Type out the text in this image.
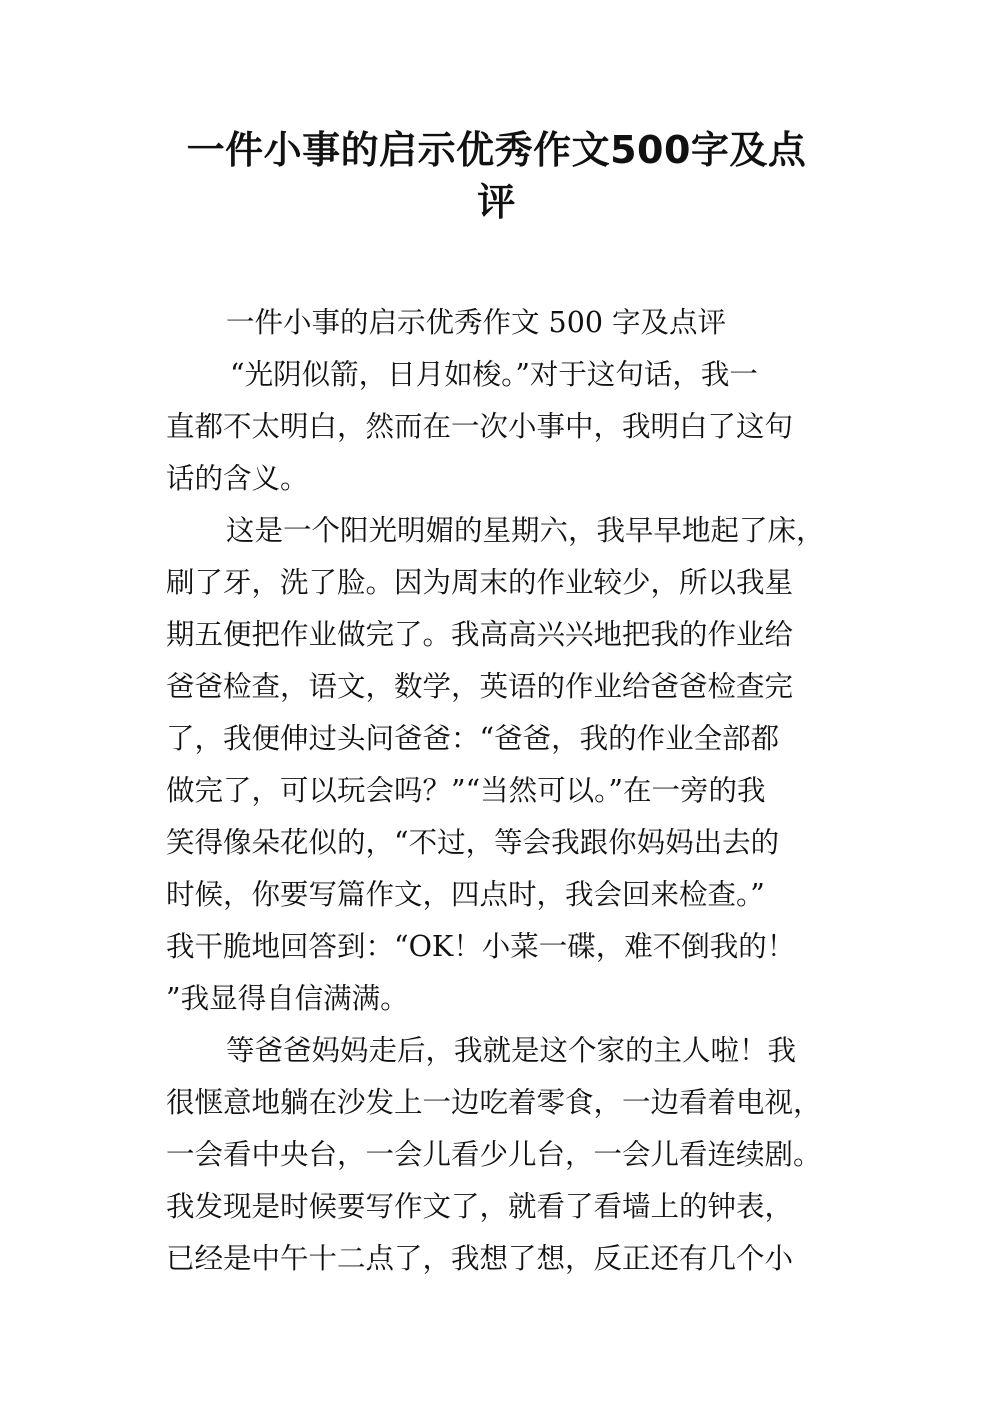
一件小事的启示优秀作文500字及点
评
一件小事的启示优秀作文 500 字及点评
“光阴似箭，日月如梭。”对于这句话，我一
直都不太明白，然而在一次小事中，我明白了这句
话的含义。
这是一个阳光明媚的星期六，我早早地起了床，
刷了牙，洗了脸。因为周末的作业较少，所以我星
期五便把作业做完了。我高高兴兴地把我的作业给
爸爸检查，语文，数学，英语的作业给爸爸检查完
了，我便伸过头问爸爸：“爸爸，我的作业全部都
做完了，可以玩会吗？”“当然可以。”在一旁的我
笑得像朵花似的，“不过，等会我跟你妈妈出去的
时候，你要写篇作文，四点时，我会回来检查。”
我干脆地回答到：“OK！小菜一碟，难不倒我的！
”我显得自信满满。
等爸爸妈妈走后，我就是这个家的主人啦！我
很惬意地躺在沙发上一边吃着零食，一边看着电视，
一会看中央台，一会儿看少儿台，一会儿看连续剧。
我发现是时候要写作文了，就看了看墙上的钟表，
已经是中午十二点了，我想了想，反正还有几个小
